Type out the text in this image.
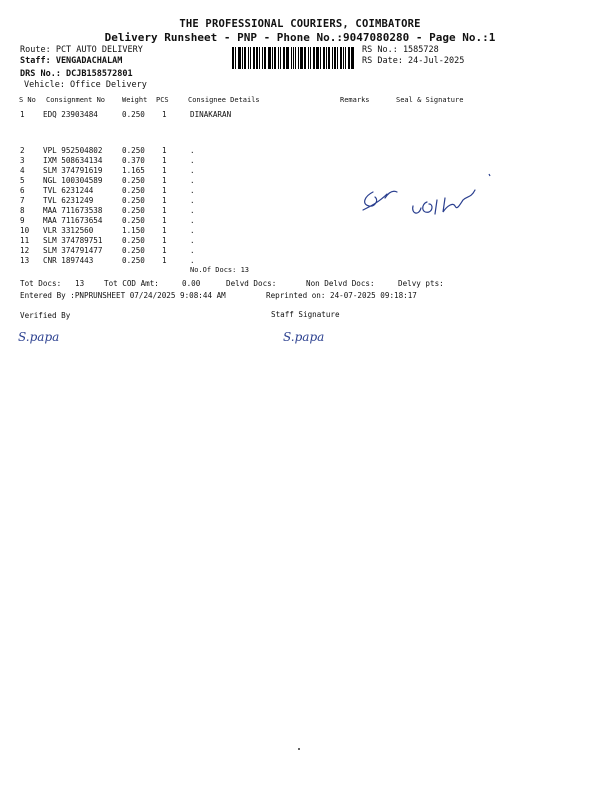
THE PROFESSIONAL COURIERS, COIMBATORE
Delivery Runsheet - PNP - Phone No.:9047080280 - Page No.:1
Route: PCT AUTO DELIVERY
Staff: VENGADACHALAM
DRS No.: DCJB158572801
Vehicle: Office Delivery
RS No.: 1585728
RS Date: 24-Jul-2025
S No Consignment No Weight PCS	Consignee Details	Remarks	Seal & Signature
1 EDQ 23903484	0.250 1	DINAKARAN
2 VPL 952504802	0.250 1	.
3 IXM 508634134	0.370 1	.
4 SLM 374791619	1.165 1	.
5 NGL 100304589	0.250 1	.
6 TVL 6231244	0.250 1	.
7 TVL 6231249	0.250 1	.
8 MAA 711673538	0.250 1	.
9 MAA 711673654	0.250 1	.
10 VLR 3312560	1.150 1	.
11 SLM 374789751	0.250 1	.
12 SLM 374791477	0.250 1	.
13 CNR 1897443	0.250 1	.
No.Of Docs: 13
Tot Docs: 13	Tot COD Amt:	0.00	Delvd Docs:	Non Delvd Docs:	Delvy pts:
Entered By :PNPRUNSHEET 07/24/2025 9:08:44 AM	Reprinted on: 24-07-2025 09:18:17
Verified By	Staff Signature
S.papa	S.papa
